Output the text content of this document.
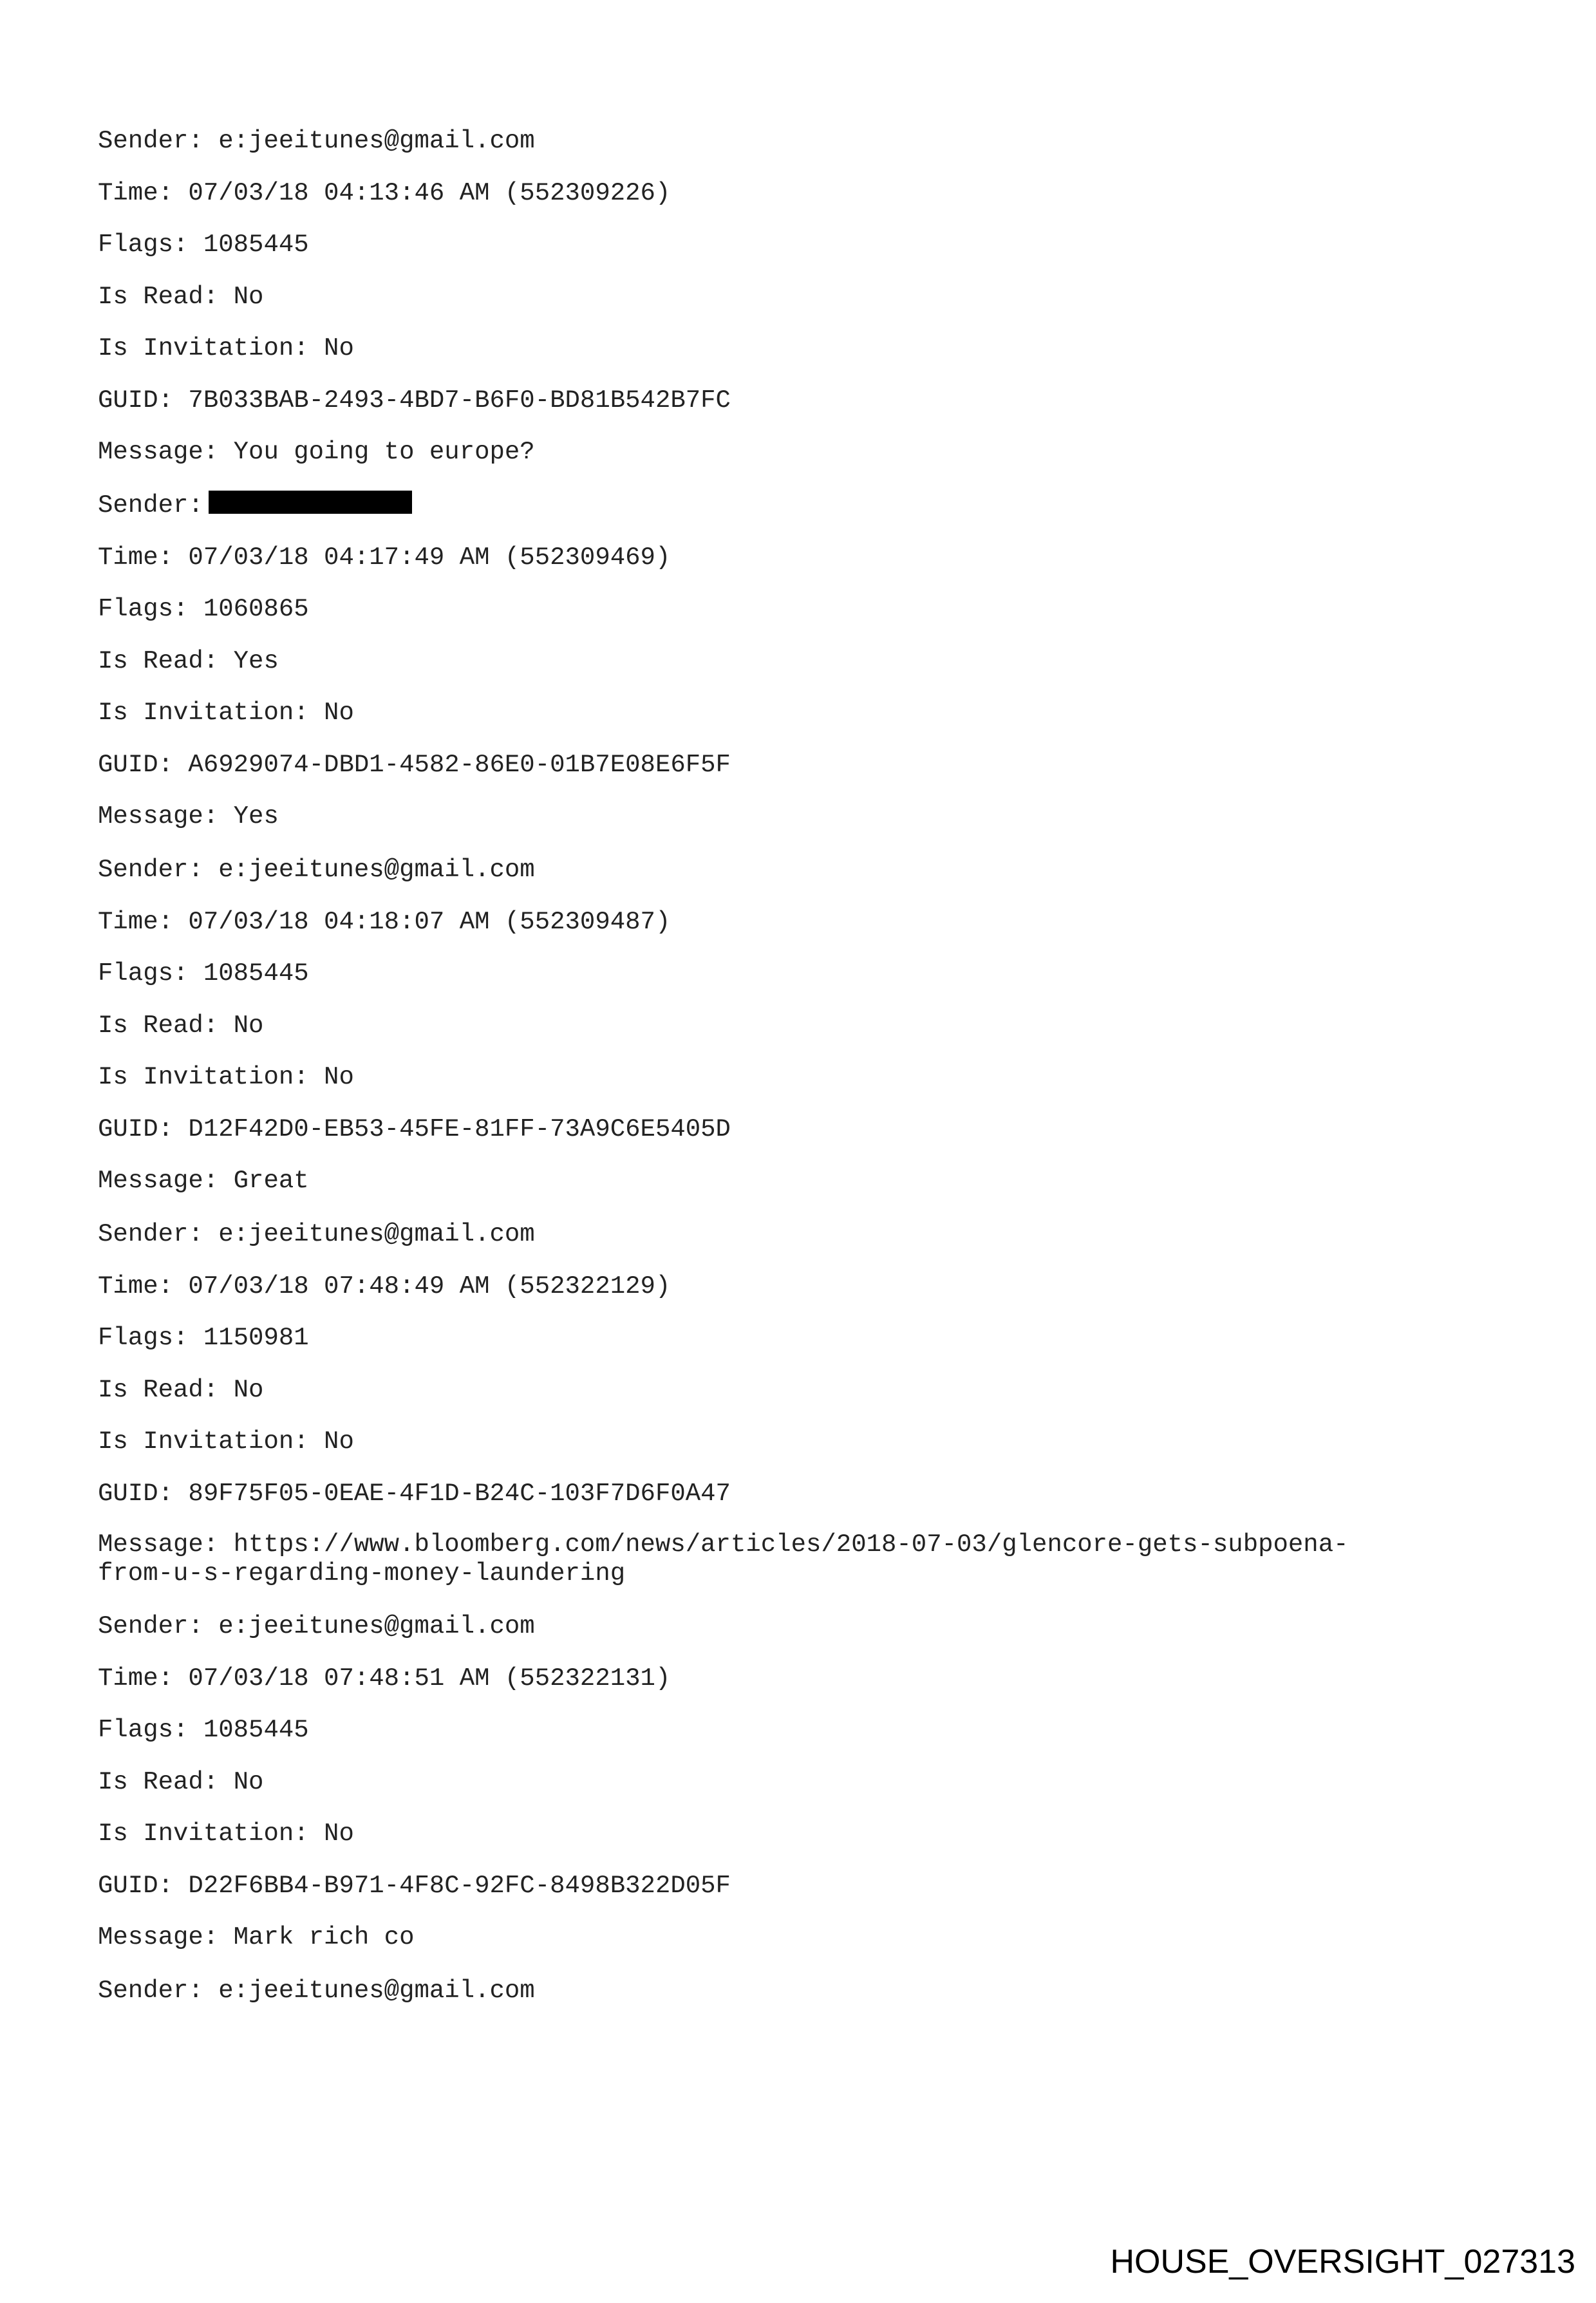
Sender: e:jeeitunes@gmail.com
Time: 07/03/18 04:13:46 AM (552309226)
Flags: 1085445
Is Read: No
Is Invitation: No
GUID: 7B033BAB-2493-4BD7-B6F0-BD81B542B7FC
Message: You going to europe?
Sender:
Time: 07/03/18 04:17:49 AM (552309469)
Flags: 1060865
Is Read: Yes
Is Invitation: No
GUID: A6929074-DBD1-4582-86E0-01B7E08E6F5F
Message: Yes
Sender: e:jeeitunes@gmail.com
Time: 07/03/18 04:18:07 AM (552309487)
Flags: 1085445
Is Read: No
Is Invitation: No
GUID: D12F42D0-EB53-45FE-81FF-73A9C6E5405D
Message: Great
Sender: e:jeeitunes@gmail.com
Time: 07/03/18 07:48:49 AM (552322129)
Flags: 1150981
Is Read: No
Is Invitation: No
GUID: 89F75F05-0EAE-4F1D-B24C-103F7D6F0A47
Message: https://www.bloomberg.com/news/articles/2018-07-03/glencore-gets-subpoena-
from-u-s-regarding-money-laundering
Sender: e:jeeitunes@gmail.com
Time: 07/03/18 07:48:51 AM (552322131)
Flags: 1085445
Is Read: No
Is Invitation: No
GUID: D22F6BB4-B971-4F8C-92FC-8498B322D05F
Message: Mark rich co
Sender: e:jeeitunes@gmail.com
HOUSE_OVERSIGHT_027313
